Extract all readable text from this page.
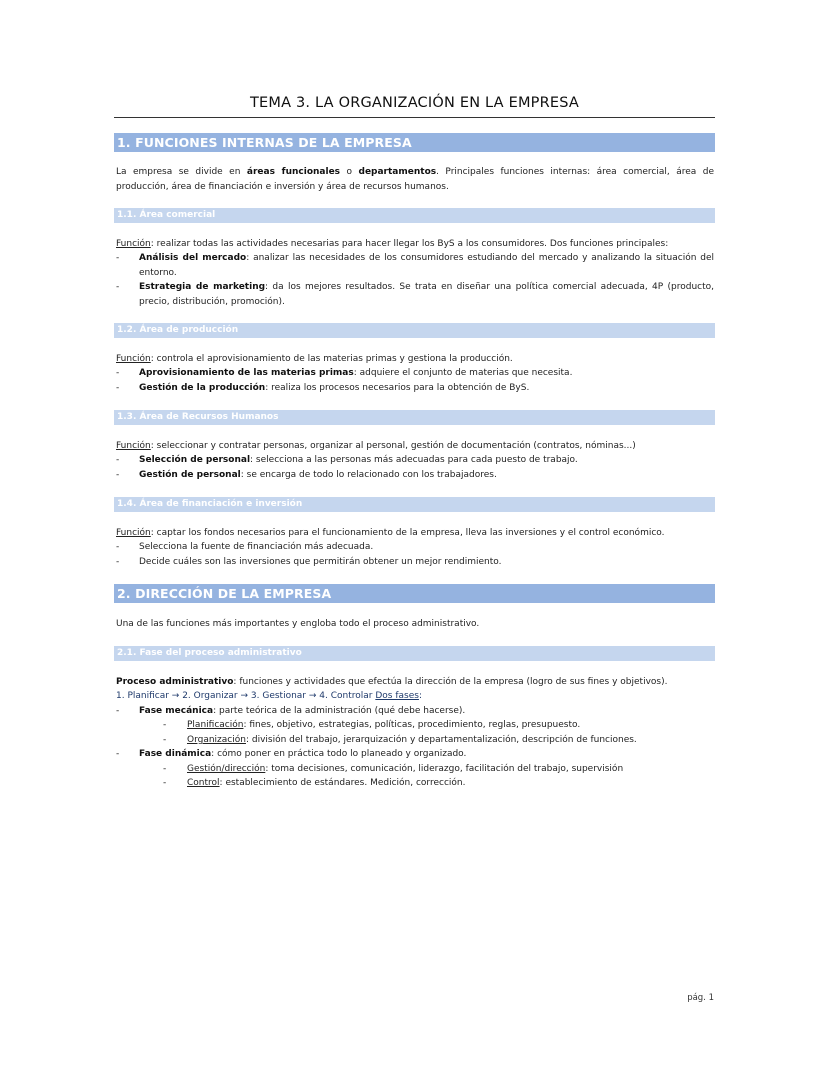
TEMA 3. LA ORGANIZACIÓN EN LA EMPRESA
1. FUNCIONES INTERNAS DE LA EMPRESA
La empresa se divide en áreas funcionales o departamentos. Principales funciones internas: área comercial, área de producción, área de financiación e inversión y área de recursos humanos.
1.1. Área comercial
Función: realizar todas las actividades necesarias para hacer llegar los ByS a los consumidores. Dos funciones principales:
- Análisis del mercado: analizar las necesidades de los consumidores estudiando del mercado y analizando la situación del entorno.
- Estrategia de marketing: da los mejores resultados. Se trata en diseñar una política comercial adecuada, 4P (producto, precio, distribución, promoción).
1.2. Área de producción
Función: controla el aprovisionamiento de las materias primas y gestiona la producción.
- Aprovisionamiento de las materias primas: adquiere el conjunto de materias que necesita.
- Gestión de la producción: realiza los procesos necesarios para la obtención de ByS.
1.3. Área de Recursos Humanos
Función: seleccionar y contratar personas, organizar al personal, gestión de documentación (contratos, nóminas...)
- Selección de personal: selecciona a las personas más adecuadas para cada puesto de trabajo.
- Gestión de personal: se encarga de todo lo relacionado con los trabajadores.
1.4. Área de financiación e inversión
Función: captar los fondos necesarios para el funcionamiento de la empresa, lleva las inversiones y el control económico.
- Selecciona la fuente de financiación más adecuada.
- Decide cuáles son las inversiones que permitirán obtener un mejor rendimiento.
2. DIRECCIÓN DE LA EMPRESA
Una de las funciones más importantes y engloba todo el proceso administrativo.
2.1. Fase del proceso administrativo
Proceso administrativo: funciones y actividades que efectúa la dirección de la empresa (logro de sus fines y objetivos).
1. Planificar → 2. Organizar → 3. Gestionar → 4. Controlar Dos fases:
- Fase mecánica: parte teórica de la administración (qué debe hacerse).
- Planificación: fines, objetivo, estrategias, políticas, procedimiento, reglas, presupuesto.
- Organización: división del trabajo, jerarquización y departamentalización, descripción de funciones.
- Fase dinámica: cómo poner en práctica todo lo planeado y organizado.
- Gestión/dirección: toma decisiones, comunicación, liderazgo, facilitación del trabajo, supervisión
- Control: establecimiento de estándares. Medición, corrección.
pág. 1
